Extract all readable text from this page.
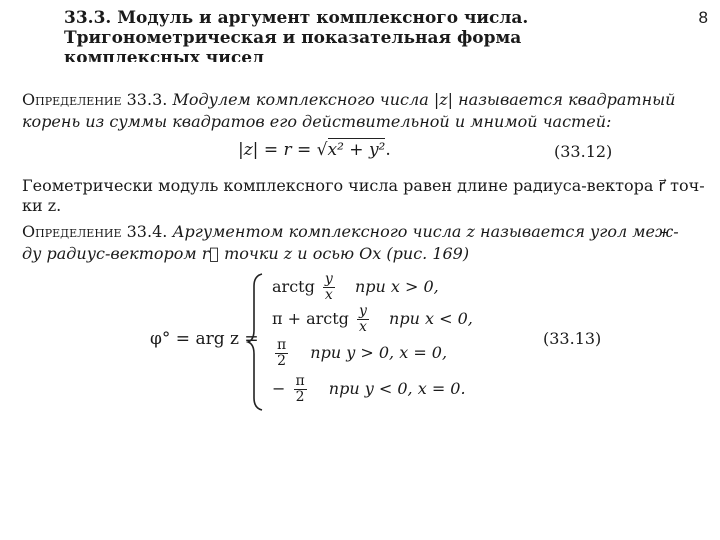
8
33.3. Модуль и аргумент комплексного числа.
Тригонометрическая и показательная форма
комплексных чисел
Определение 33.3. Модулем комплексного числа |z| называется квадратный
корень из суммы квадратов его действительной и мнимой частей:
|z| = r = √x² + y².	(33.12)
Геометрически модуль комплексного числа равен длине радиуса-вектора r⃗ точ-
ки z.
Определение 33.4. Аргументом комплексного числа z называется угол меж-
ду радиус-вектором r⃗ точки z и осью Ox (рис. 169)
φ° = arg z =
arctg $\frac{y}{x}$ при x > 0,
π + arctg $\frac{y}{x}$ при x < 0,
$\frac{\pi}{2}$ при y > 0, x = 0,
− $\frac{\pi}{2}$ при y < 0, x = 0.
(33.13)
